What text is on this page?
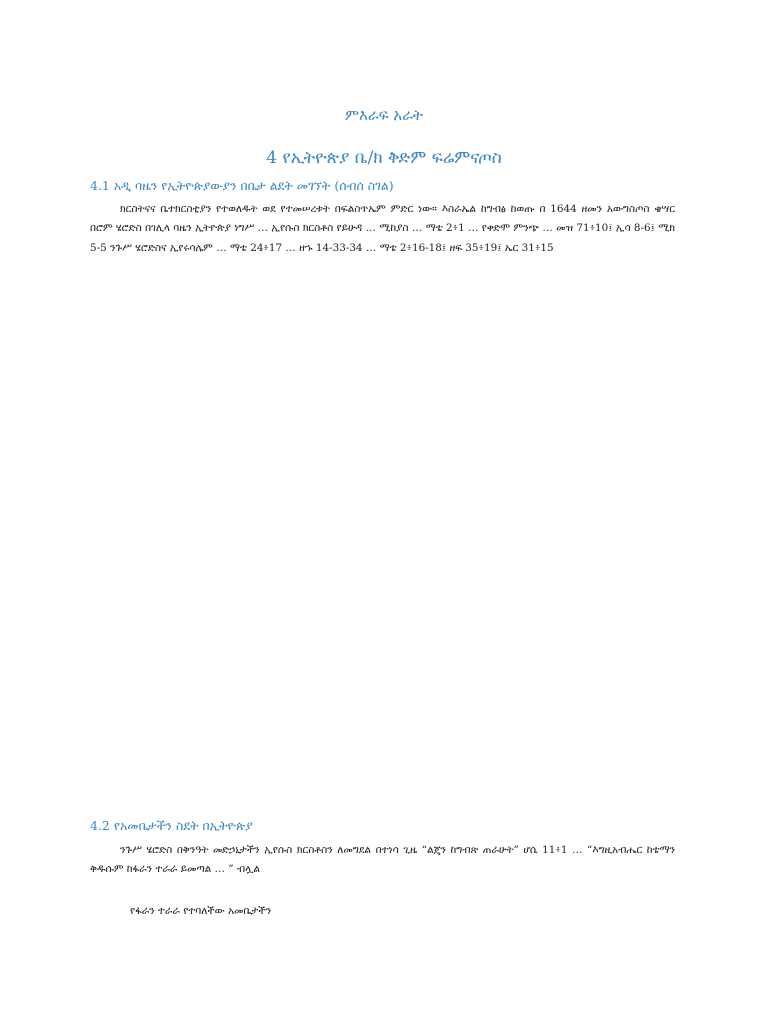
ምእራፍ አራት
4 የኢትዮጵያ ቤ/ክ ቅድም ፍሬምናጦስ
4.1 አዲ ባዜን የኢትዮጵያውያን በቤታ ልደት መገኘት (ሰብሰ ስገል)

ክርስትናና ቤተክርስቲያን የተወለዱት ወደ የተመሠረቱት በፍልስጥኤም ምድር ነው። እስራኤል ከግብፅ ከወጡ በ 1644 ዘመን አውግስጦስ ቄሣር በሮም ሄሮድስ በገሊላ ባዜን ኢትዮጵያ ነግሥ … ኢየሱስ ክርስቶስ የይሁዳ … ሚከያስ … ማቴ 2፥1 … የቀድሞ ምንጭ … መዝ 71፥10፤ ኢሳ 8-6፤ ሚክ 5-5 ንጉሥ ሄሮድስና ኢየሩሳሌም … ማቴ 24፥17 … ዘኁ 14-33-34 … ማቴ 2፥16-18፤ ዘፍ 35፥19፤ ኤር 31፥15

4.2 የአመቤታችን ስደት በኢትዮጵያ

ንጉሥ ሄሮድስ በቅንዓት መድኃኒታችን ኢየሱስ ክርስቶስን ለመግደል በተነሳ ጊዜ “ልጄን ከግብጽ ጠራሁት” ሆሴ 11፥1 … “እግዚአብሔር ከቴማን ቅዱሱም ከፋራን ተራራ ይመጣል … ” ብሏል

የፋራን ተራራ የተባለችው አመቤታችን
